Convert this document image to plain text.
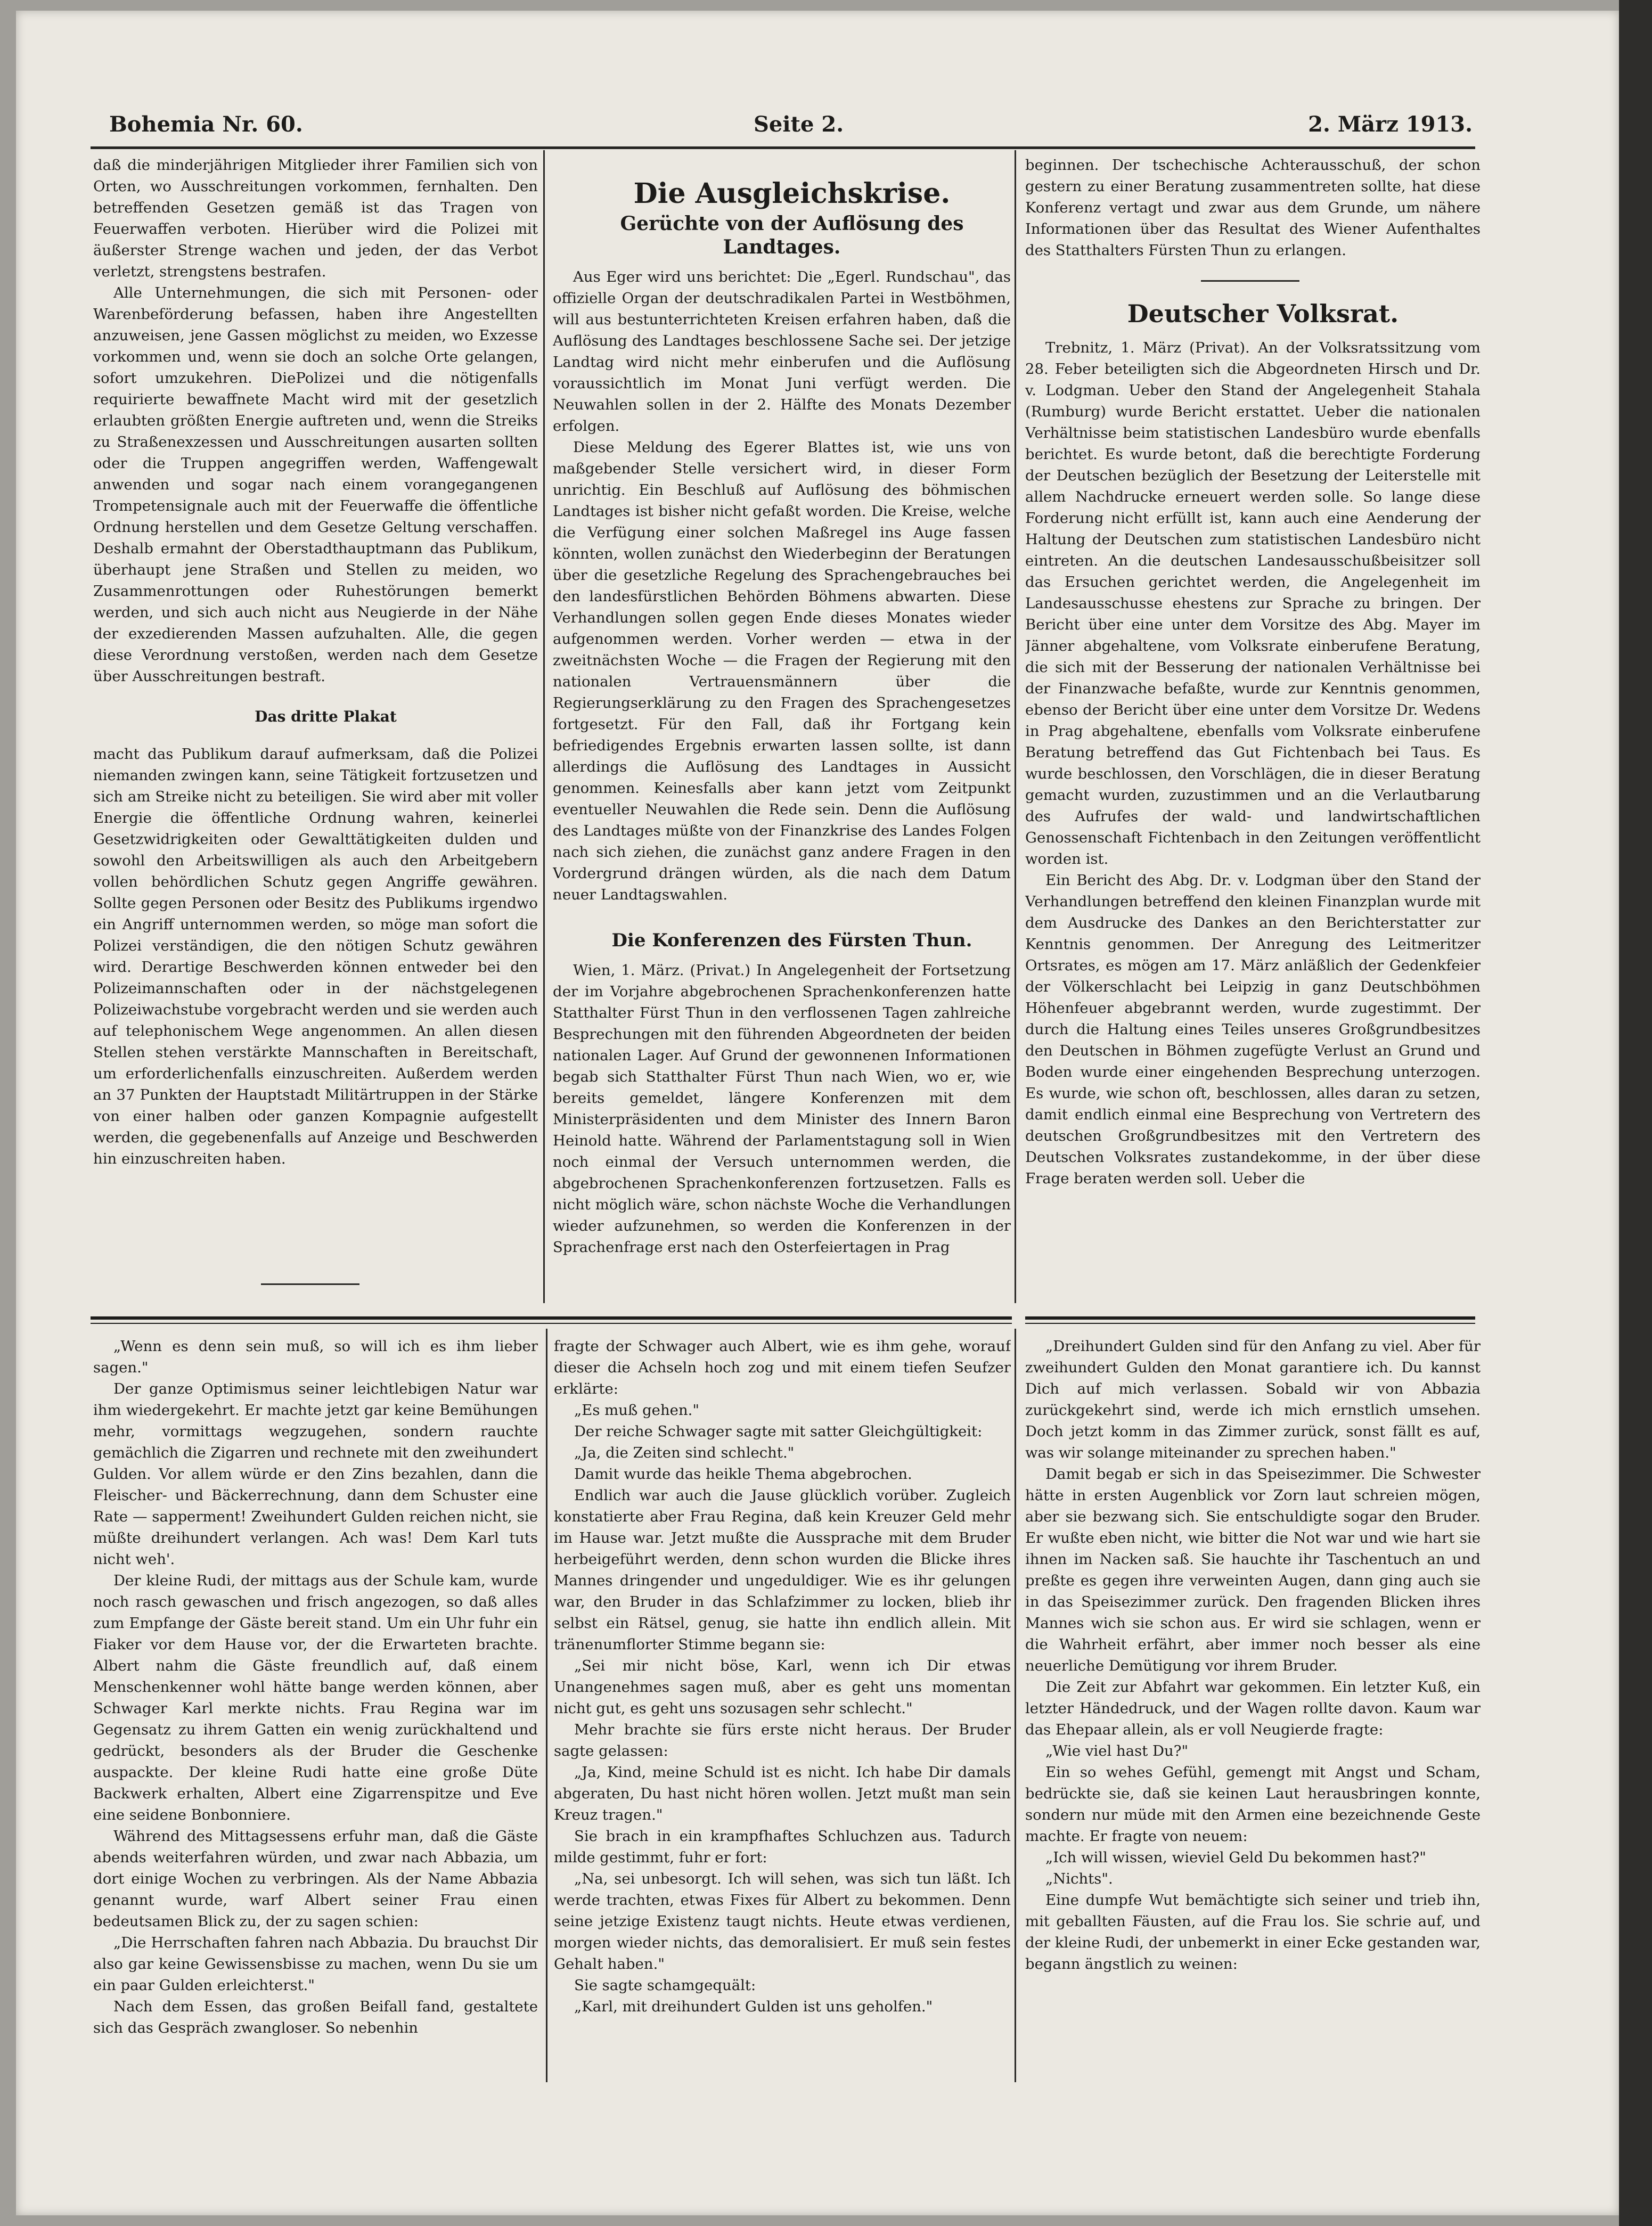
Bohemia Nr. 60.	Seite 2.	2. März 1913.

daß die minderjährigen Mitglieder ihrer Familien sich von Orten, wo Ausschreitungen vorkommen, fernhalten. Den betreffenden Gesetzen gemäß ist das Tragen von Feuerwaffen verboten. Hierüber wird die Polizei mit äußerster Strenge wachen und jeden, der das Verbot verletzt, strengstens bestrafen.

Alle Unternehmungen, die sich mit Personen- oder Warenbeförderung befassen, haben ihre Angestellten anzuweisen, jene Gassen möglichst zu meiden, wo Exzesse vorkommen und, wenn sie doch an solche Orte gelangen, sofort umzukehren. DiePolizei und die nötigenfalls requirierte bewaffnete Macht wird mit der gesetzlich erlaubten größten Energie auftreten und, wenn die Streiks zu Straßenexzessen und Ausschreitungen ausarten sollten oder die Truppen angegriffen werden, Waffengewalt anwenden und sogar nach einem vorangegangenen Trompetensignale auch mit der Feuerwaffe die öffentliche Ordnung herstellen und dem Gesetze Geltung verschaffen. Deshalb ermahnt der Oberstadthauptmann das Publikum, überhaupt jene Straßen und Stellen zu meiden, wo Zusammenrottungen oder Ruhestörungen bemerkt werden, und sich auch nicht aus Neugierde in der Nähe der exzedierenden Massen aufzuhalten. Alle, die gegen diese Verordnung verstoßen, werden nach dem Gesetze über Ausschreitungen bestraft.

Das dritte Plakat

macht das Publikum darauf aufmerksam, daß die Polizei niemanden zwingen kann, seine Tätigkeit fortzusetzen und sich am Streike nicht zu beteiligen. Sie wird aber mit voller Energie die öffentliche Ordnung wahren, keinerlei Gesetzwidrigkeiten oder Gewalttätigkeiten dulden und sowohl den Arbeitswilligen als auch den Arbeitgebern vollen behördlichen Schutz gegen Angriffe gewähren. Sollte gegen Personen oder Besitz des Publikums irgendwo ein Angriff unternommen werden, so möge man sofort die Polizei verständigen, die den nötigen Schutz gewähren wird. Derartige Beschwerden können entweder bei den Polizeimannschaften oder in der nächstgelegenen Polizeiwachstube vorgebracht werden und sie werden auch auf telephonischem Wege angenommen. An allen diesen Stellen stehen verstärkte Mannschaften in Bereitschaft, um erforderlichenfalls einzuschreiten. Außerdem werden an 37 Punkten der Hauptstadt Militärtruppen in der Stärke von einer halben oder ganzen Kompagnie aufgestellt werden, die gegebenenfalls auf Anzeige und Beschwerden hin einzuschreiten haben.

Die Ausgleichskrise.

Gerüchte von der Auflösung des Landtages.

Aus Eger wird uns berichtet: Die „Egerl. Rundschau", das offizielle Organ der deutschradikalen Partei in Westböhmen, will aus bestunterrichteten Kreisen erfahren haben, daß die Auflösung des Landtages beschlossene Sache sei. Der jetzige Landtag wird nicht mehr einberufen und die Auflösung voraussichtlich im Monat Juni verfügt werden. Die Neuwahlen sollen in der 2. Hälfte des Monats Dezember erfolgen.

Diese Meldung des Egerer Blattes ist, wie uns von maßgebender Stelle versichert wird, in dieser Form unrichtig. Ein Beschluß auf Auflösung des böhmischen Landtages ist bisher nicht gefaßt worden. Die Kreise, welche die Verfügung einer solchen Maßregel ins Auge fassen könnten, wollen zunächst den Wiederbeginn der Beratungen über die gesetzliche Regelung des Sprachengebrauches bei den landesfürstlichen Behörden Böhmens abwarten. Diese Verhandlungen sollen gegen Ende dieses Monates wieder aufgenommen werden. Vorher werden — etwa in der zweitnächsten Woche — die Fragen der Regierung mit den nationalen Vertrauensmännern über die Regierungserklärung zu den Fragen des Sprachengesetzes fortgesetzt. Für den Fall, daß ihr Fortgang kein befriedigendes Ergebnis erwarten lassen sollte, ist dann allerdings die Auflösung des Landtages in Aussicht genommen. Keinesfalls aber kann jetzt vom Zeitpunkt eventueller Neuwahlen die Rede sein. Denn die Auflösung des Landtages müßte von der Finanzkrise des Landes Folgen nach sich ziehen, die zunächst ganz andere Fragen in den Vordergrund drängen würden, als die nach dem Datum neuer Landtagswahlen.

Die Konferenzen des Fürsten Thun.

Wien, 1. März. (Privat.) In Angelegenheit der Fortsetzung der im Vorjahre abgebrochenen Sprachenkonferenzen hatte Statthalter Fürst Thun in den verflossenen Tagen zahlreiche Besprechungen mit den führenden Abgeordneten der beiden nationalen Lager. Auf Grund der gewonnenen Informationen begab sich Statthalter Fürst Thun nach Wien, wo er, wie bereits gemeldet, längere Konferenzen mit dem Ministerpräsidenten und dem Minister des Innern Baron Heinold hatte. Während der Parlamentstagung soll in Wien noch einmal der Versuch unternommen werden, die abgebrochenen Sprachenkonferenzen fortzusetzen. Falls es nicht möglich wäre, schon nächste Woche die Verhandlungen wieder aufzunehmen, so werden die Konferenzen in der Sprachenfrage erst nach den Osterfeiertagen in Prag

beginnen. Der tschechische Achterausschuß, der schon gestern zu einer Beratung zusammentreten sollte, hat diese Konferenz vertagt und zwar aus dem Grunde, um nähere Informationen über das Resultat des Wiener Aufenthaltes des Statthalters Fürsten Thun zu erlangen.

Deutscher Volksrat.

Trebnitz, 1. März (Privat). An der Volksratssitzung vom 28. Feber beteiligten sich die Abgeordneten Hirsch und Dr. v. Lodgman. Ueber den Stand der Angelegenheit Stahala (Rumburg) wurde Bericht erstattet. Ueber die nationalen Verhältnisse beim statistischen Landesbüro wurde ebenfalls berichtet. Es wurde betont, daß die berechtigte Forderung der Deutschen bezüglich der Besetzung der Leiterstelle mit allem Nachdrucke erneuert werden solle. So lange diese Forderung nicht erfüllt ist, kann auch eine Aenderung der Haltung der Deutschen zum statistischen Landesbüro nicht eintreten. An die deutschen Landesausschußbeisitzer soll das Ersuchen gerichtet werden, die Angelegenheit im Landesausschusse ehestens zur Sprache zu bringen. Der Bericht über eine unter dem Vorsitze des Abg. Mayer im Jänner abgehaltene, vom Volksrate einberufene Beratung, die sich mit der Besserung der nationalen Verhältnisse bei der Finanzwache befaßte, wurde zur Kenntnis genommen, ebenso der Bericht über eine unter dem Vorsitze Dr. Wedens in Prag abgehaltene, ebenfalls vom Volksrate einberufene Beratung betreffend das Gut Fichtenbach bei Taus. Es wurde beschlossen, den Vorschlägen, die in dieser Beratung gemacht wurden, zuzustimmen und an die Verlautbarung des Aufrufes der wald- und landwirtschaftlichen Genossenschaft Fichtenbach in den Zeitungen veröffentlicht worden ist.

Ein Bericht des Abg. Dr. v. Lodgman über den Stand der Verhandlungen betreffend den kleinen Finanzplan wurde mit dem Ausdrucke des Dankes an den Berichterstatter zur Kenntnis genommen. Der Anregung des Leitmeritzer Ortsrates, es mögen am 17. März anläßlich der Gedenkfeier der Völkerschlacht bei Leipzig in ganz Deutschböhmen Höhenfeuer abgebrannt werden, wurde zugestimmt. Der durch die Haltung eines Teiles unseres Großgrundbesitzes den Deutschen in Böhmen zugefügte Verlust an Grund und Boden wurde einer eingehenden Besprechung unterzogen. Es wurde, wie schon oft, beschlossen, alles daran zu setzen, damit endlich einmal eine Besprechung von Vertretern des deutschen Großgrundbesitzes mit den Vertretern des Deutschen Volksrates zustandekomme, in der über diese Frage beraten werden soll. Ueber die

„Wenn es denn sein muß, so will ich es ihm lieber sagen."

Der ganze Optimismus seiner leichtlebigen Natur war ihm wiedergekehrt. Er machte jetzt gar keine Bemühungen mehr, vormittags wegzugehen, sondern rauchte gemächlich die Zigarren und rechnete mit den zweihundert Gulden. Vor allem würde er den Zins bezahlen, dann die Fleischer- und Bäckerrechnung, dann dem Schuster eine Rate — sapperment! Zweihundert Gulden reichen nicht, sie müßte dreihundert verlangen. Ach was! Dem Karl tuts nicht weh'.

Der kleine Rudi, der mittags aus der Schule kam, wurde noch rasch gewaschen und frisch angezogen, so daß alles zum Empfange der Gäste bereit stand. Um ein Uhr fuhr ein Fiaker vor dem Hause vor, der die Erwarteten brachte. Albert nahm die Gäste freundlich auf, daß einem Menschenkenner wohl hätte bange werden können, aber Schwager Karl merkte nichts. Frau Regina war im Gegensatz zu ihrem Gatten ein wenig zurückhaltend und gedrückt, besonders als der Bruder die Geschenke auspackte. Der kleine Rudi hatte eine große Düte Backwerk erhalten, Albert eine Zigarrenspitze und Eve eine seidene Bonbonniere.

Während des Mittagsessens erfuhr man, daß die Gäste abends weiterfahren würden, und zwar nach Abbazia, um dort einige Wochen zu verbringen. Als der Name Abbazia genannt wurde, warf Albert seiner Frau einen bedeutsamen Blick zu, der zu sagen schien:

„Die Herrschaften fahren nach Abbazia. Du brauchst Dir also gar keine Gewissensbisse zu machen, wenn Du sie um ein paar Gulden erleichterst."

Nach dem Essen, das großen Beifall fand, gestaltete sich das Gespräch zwangloser. So nebenhin

fragte der Schwager auch Albert, wie es ihm gehe, worauf dieser die Achseln hoch zog und mit einem tiefen Seufzer erklärte:

„Es muß gehen."

Der reiche Schwager sagte mit satter Gleichgültigkeit:

„Ja, die Zeiten sind schlecht."

Damit wurde das heikle Thema abgebrochen.

Endlich war auch die Jause glücklich vorüber. Zugleich konstatierte aber Frau Regina, daß kein Kreuzer Geld mehr im Hause war. Jetzt mußte die Aussprache mit dem Bruder herbeigeführt werden, denn schon wurden die Blicke ihres Mannes dringender und ungeduldiger. Wie es ihr gelungen war, den Bruder in das Schlafzimmer zu locken, blieb ihr selbst ein Rätsel, genug, sie hatte ihn endlich allein. Mit tränenumflorter Stimme begann sie:

„Sei mir nicht böse, Karl, wenn ich Dir etwas Unangenehmes sagen muß, aber es geht uns momentan nicht gut, es geht uns sozusagen sehr schlecht."

Mehr brachte sie fürs erste nicht heraus. Der Bruder sagte gelassen:

„Ja, Kind, meine Schuld ist es nicht. Ich habe Dir damals abgeraten, Du hast nicht hören wollen. Jetzt mußt man sein Kreuz tragen."

Sie brach in ein krampfhaftes Schluchzen aus. Tadurch milde gestimmt, fuhr er fort:

„Na, sei unbesorgt. Ich will sehen, was sich tun läßt. Ich werde trachten, etwas Fixes für Albert zu bekommen. Denn seine jetzige Existenz taugt nichts. Heute etwas verdienen, morgen wieder nichts, das demoralisiert. Er muß sein festes Gehalt haben."

Sie sagte schamgequält:

„Karl, mit dreihundert Gulden ist uns geholfen."

„Dreihundert Gulden sind für den Anfang zu viel. Aber für zweihundert Gulden den Monat garantiere ich. Du kannst Dich auf mich verlassen. Sobald wir von Abbazia zurückgekehrt sind, werde ich mich ernstlich umsehen. Doch jetzt komm in das Zimmer zurück, sonst fällt es auf, was wir solange miteinander zu sprechen haben."

Damit begab er sich in das Speisezimmer. Die Schwester hätte in ersten Augenblick vor Zorn laut schreien mögen, aber sie bezwang sich. Sie entschuldigte sogar den Bruder. Er wußte eben nicht, wie bitter die Not war und wie hart sie ihnen im Nacken saß. Sie hauchte ihr Taschentuch an und preßte es gegen ihre verweinten Augen, dann ging auch sie in das Speisezimmer zurück. Den fragenden Blicken ihres Mannes wich sie schon aus. Er wird sie schlagen, wenn er die Wahrheit erfährt, aber immer noch besser als eine neuerliche Demütigung vor ihrem Bruder.

Die Zeit zur Abfahrt war gekommen. Ein letzter Kuß, ein letzter Händedruck, und der Wagen rollte davon. Kaum war das Ehepaar allein, als er voll Neugierde fragte:

„Wie viel hast Du?"

Ein so wehes Gefühl, gemengt mit Angst und Scham, bedrückte sie, daß sie keinen Laut herausbringen konnte, sondern nur müde mit den Armen eine bezeichnende Geste machte. Er fragte von neuem:

„Ich will wissen, wieviel Geld Du bekommen hast?"

„Nichts".

Eine dumpfe Wut bemächtigte sich seiner und trieb ihn, mit geballten Fäusten, auf die Frau los. Sie schrie auf, und der kleine Rudi, der unbemerkt in einer Ecke gestanden war, begann ängstlich zu weinen:
